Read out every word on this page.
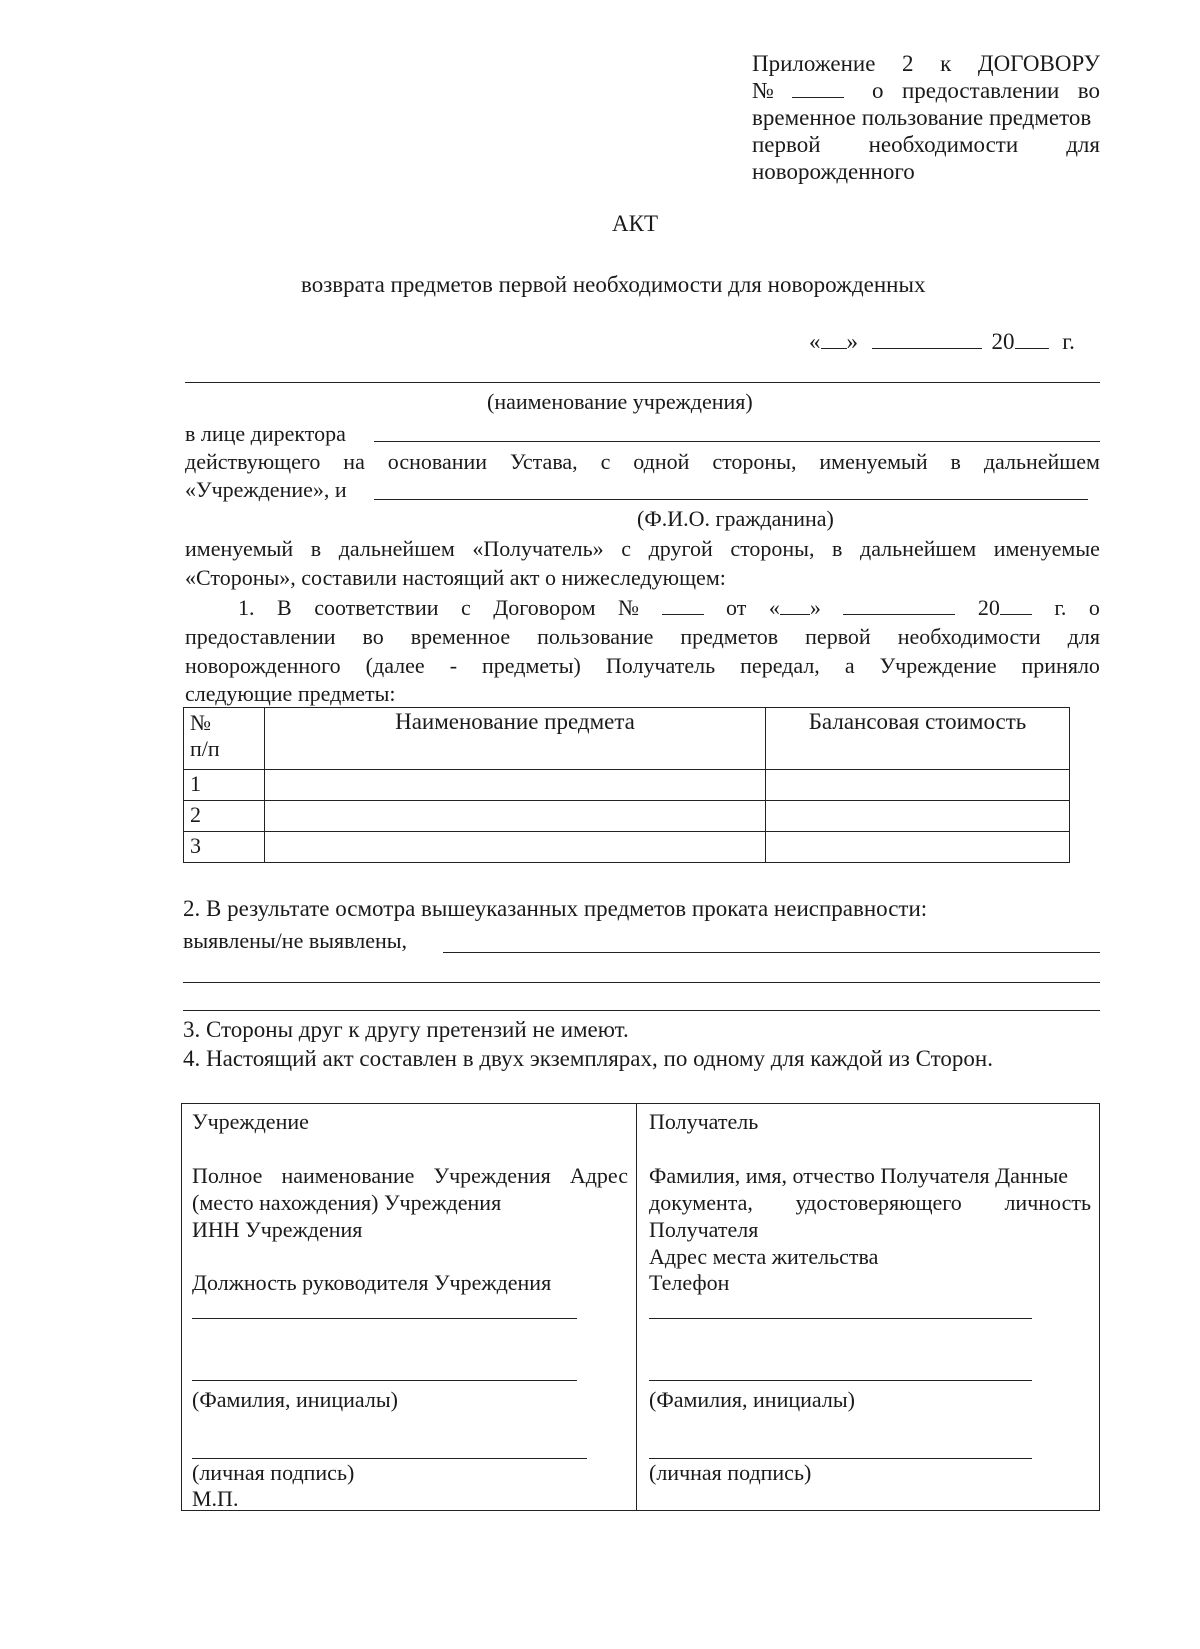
Приложение 2 к ДОГОВОРУ
№	о предоставлении во
временное пользование предметов
первой необходимости для
новорожденного
АКТ
возврата предметов первой необходимости для новорожденных
« »	20 г.
(наименование учреждения)
в лице директора
действующего на основании Устава, с одной стороны, именуемый в дальнейшем
«Учреждение», и
(Ф.И.О. гражданина)
именуемый в дальнейшем «Получатель» с другой стороны, в дальнейшем именуемые
«Стороны», составили настоящий акт о нижеследующем:
1. В соответствии с Договором №	от « »	20	г. о
предоставлении во временное пользование предметов первой необходимости для
новорожденного (далее - предметы) Получатель передал, а Учреждение приняло
следующие предметы:
№
п/п	Наименование предмета	Балансовая стоимость
1		
2		
3		
2. В результате осмотра вышеуказанных предметов проката неисправности:
выявлены/не выявлены,
3. Стороны друг к другу претензий не имеют.
4. Настоящий акт составлен в двух экземплярах, по одному для каждой из Сторон.
Учреждение
Полное наименование Учреждения Адрес
(место нахождения) Учреждения
ИНН Учреждения
Должность руководителя Учреждения
(Фамилия, инициалы)
(личная подпись)
М.П.
Получатель
Фамилия, имя, отчество Получателя Данные
документа, удостоверяющего личность
Получателя
Адрес места жительства
Телефон
(Фамилия, инициалы)
(личная подпись)
